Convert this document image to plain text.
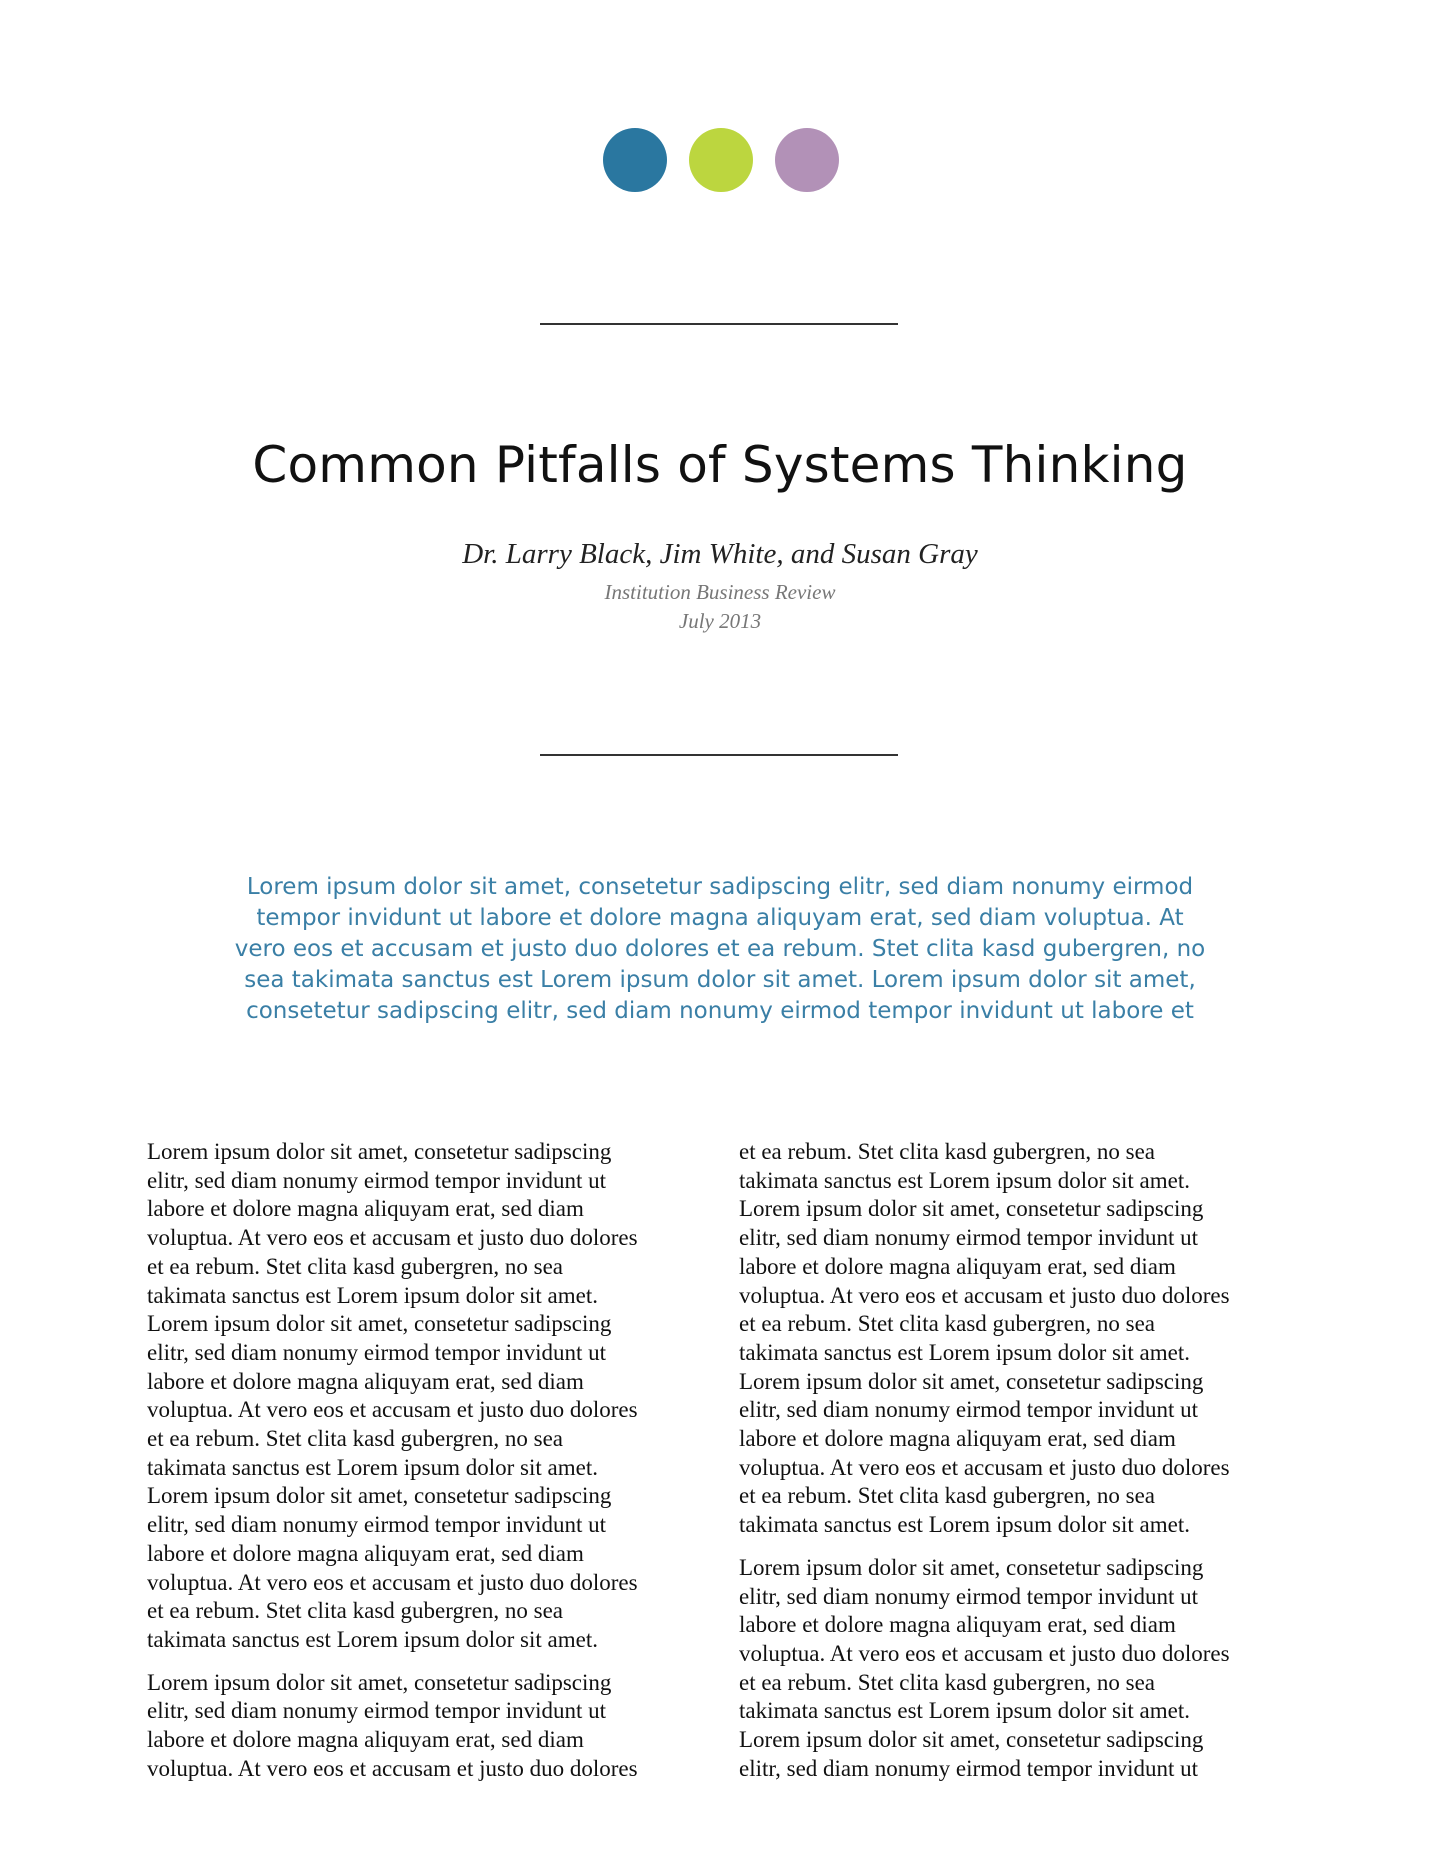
Common Pitfalls of Systems Thinking
Dr. Larry Black, Jim White, and Susan Gray
Institution Business Review
July 2013
Lorem ipsum dolor sit amet, consetetur sadipscing elitr, sed diam nonumy eirmod
tempor invidunt ut labore et dolore magna aliquyam erat, sed diam voluptua. At
vero eos et accusam et justo duo dolores et ea rebum. Stet clita kasd gubergren, no
sea takimata sanctus est Lorem ipsum dolor sit amet. Lorem ipsum dolor sit amet,
consetetur sadipscing elitr, sed diam nonumy eirmod tempor invidunt ut labore et
Lorem ipsum dolor sit amet, consetetur sadipscing
elitr, sed diam nonumy eirmod tempor invidunt ut
labore et dolore magna aliquyam erat, sed diam
voluptua. At vero eos et accusam et justo duo dolores
et ea rebum. Stet clita kasd gubergren, no sea
takimata sanctus est Lorem ipsum dolor sit amet.
Lorem ipsum dolor sit amet, consetetur sadipscing
elitr, sed diam nonumy eirmod tempor invidunt ut
labore et dolore magna aliquyam erat, sed diam
voluptua. At vero eos et accusam et justo duo dolores
et ea rebum. Stet clita kasd gubergren, no sea
takimata sanctus est Lorem ipsum dolor sit amet.
Lorem ipsum dolor sit amet, consetetur sadipscing
elitr, sed diam nonumy eirmod tempor invidunt ut
labore et dolore magna aliquyam erat, sed diam
voluptua. At vero eos et accusam et justo duo dolores
et ea rebum. Stet clita kasd gubergren, no sea
takimata sanctus est Lorem ipsum dolor sit amet.
Lorem ipsum dolor sit amet, consetetur sadipscing
elitr, sed diam nonumy eirmod tempor invidunt ut
labore et dolore magna aliquyam erat, sed diam
voluptua. At vero eos et accusam et justo duo dolores
et ea rebum. Stet clita kasd gubergren, no sea
takimata sanctus est Lorem ipsum dolor sit amet.
Lorem ipsum dolor sit amet, consetetur sadipscing
elitr, sed diam nonumy eirmod tempor invidunt ut
labore et dolore magna aliquyam erat, sed diam
voluptua. At vero eos et accusam et justo duo dolores
et ea rebum. Stet clita kasd gubergren, no sea
takimata sanctus est Lorem ipsum dolor sit amet.
Lorem ipsum dolor sit amet, consetetur sadipscing
elitr, sed diam nonumy eirmod tempor invidunt ut
labore et dolore magna aliquyam erat, sed diam
voluptua. At vero eos et accusam et justo duo dolores
et ea rebum. Stet clita kasd gubergren, no sea
takimata sanctus est Lorem ipsum dolor sit amet.
Lorem ipsum dolor sit amet, consetetur sadipscing
elitr, sed diam nonumy eirmod tempor invidunt ut
labore et dolore magna aliquyam erat, sed diam
voluptua. At vero eos et accusam et justo duo dolores
et ea rebum. Stet clita kasd gubergren, no sea
takimata sanctus est Lorem ipsum dolor sit amet.
Lorem ipsum dolor sit amet, consetetur sadipscing
elitr, sed diam nonumy eirmod tempor invidunt ut
